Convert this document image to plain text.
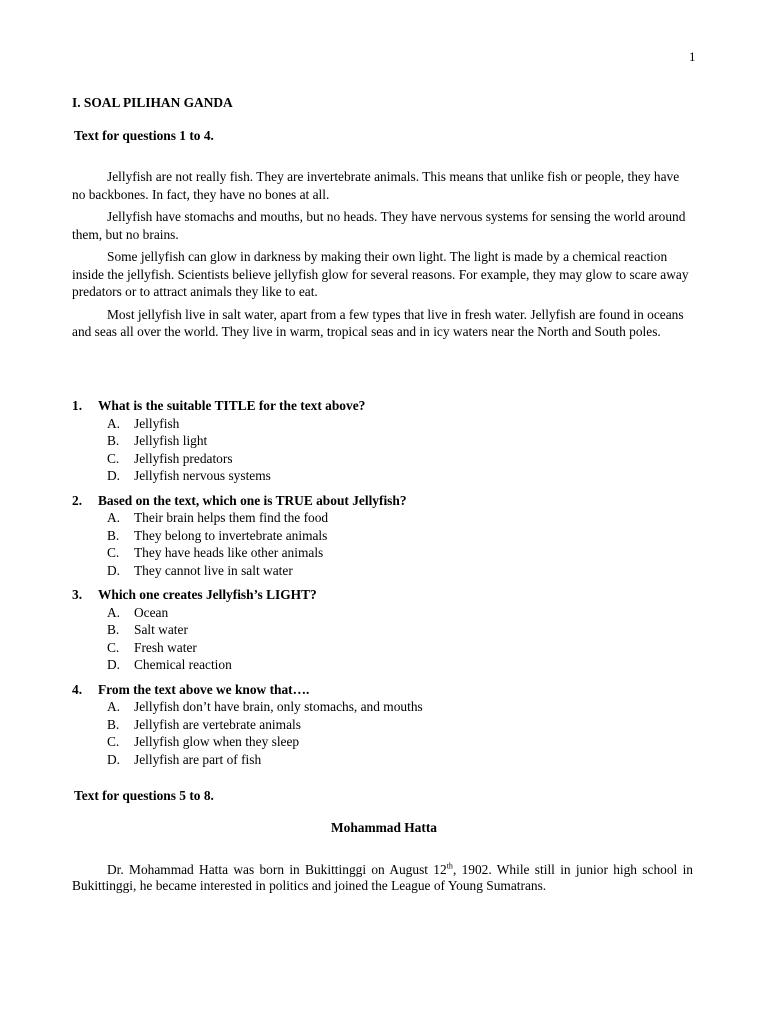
1
I. SOAL PILIHAN GANDA
Text for questions 1 to 4.

Jellyfish are not really fish. They are invertebrate animals. This means that unlike fish or people, they have no backbones. In fact, they have no bones at all.

Jellyfish have stomachs and mouths, but no heads. They have nervous systems for sensing the world around them, but no brains.

Some jellyfish can glow in darkness by making their own light. The light is made by a chemical reaction inside the jellyfish. Scientists believe jellyfish glow for several reasons. For example, they may glow to scare away predators or to attract animals they like to eat.

Most jellyfish live in salt water, apart from a few types that live in fresh water. Jellyfish are found in oceans and seas all over the world. They live in warm, tropical seas and in icy waters near the North and South poles.

1.	What is the suitable TITLE for the text above?
A.	Jellyfish
B.	Jellyfish light
C.	Jellyfish predators
D.	Jellyfish nervous systems
2.	Based on the text, which one is TRUE about Jellyfish?
A.	Their brain helps them find the food
B.	They belong to invertebrate animals
C.	They have heads like other animals
D.	They cannot live in salt water
3.	Which one creates Jellyfish’s LIGHT?
A.	Ocean
B.	Salt water
C.	Fresh water
D.	Chemical reaction
4.	From the text above we know that….
A.	Jellyfish don’t have brain, only stomachs, and mouths
B.	Jellyfish are vertebrate animals
C.	Jellyfish glow when they sleep
D.	Jellyfish are part of fish
Text for questions 5 to 8.
Mohammad Hatta

Dr. Mohammad Hatta was born in Bukittinggi on August 12th, 1902. While still in junior high school in Bukittinggi, he became interested in politics and joined the League of Young Sumatrans.
